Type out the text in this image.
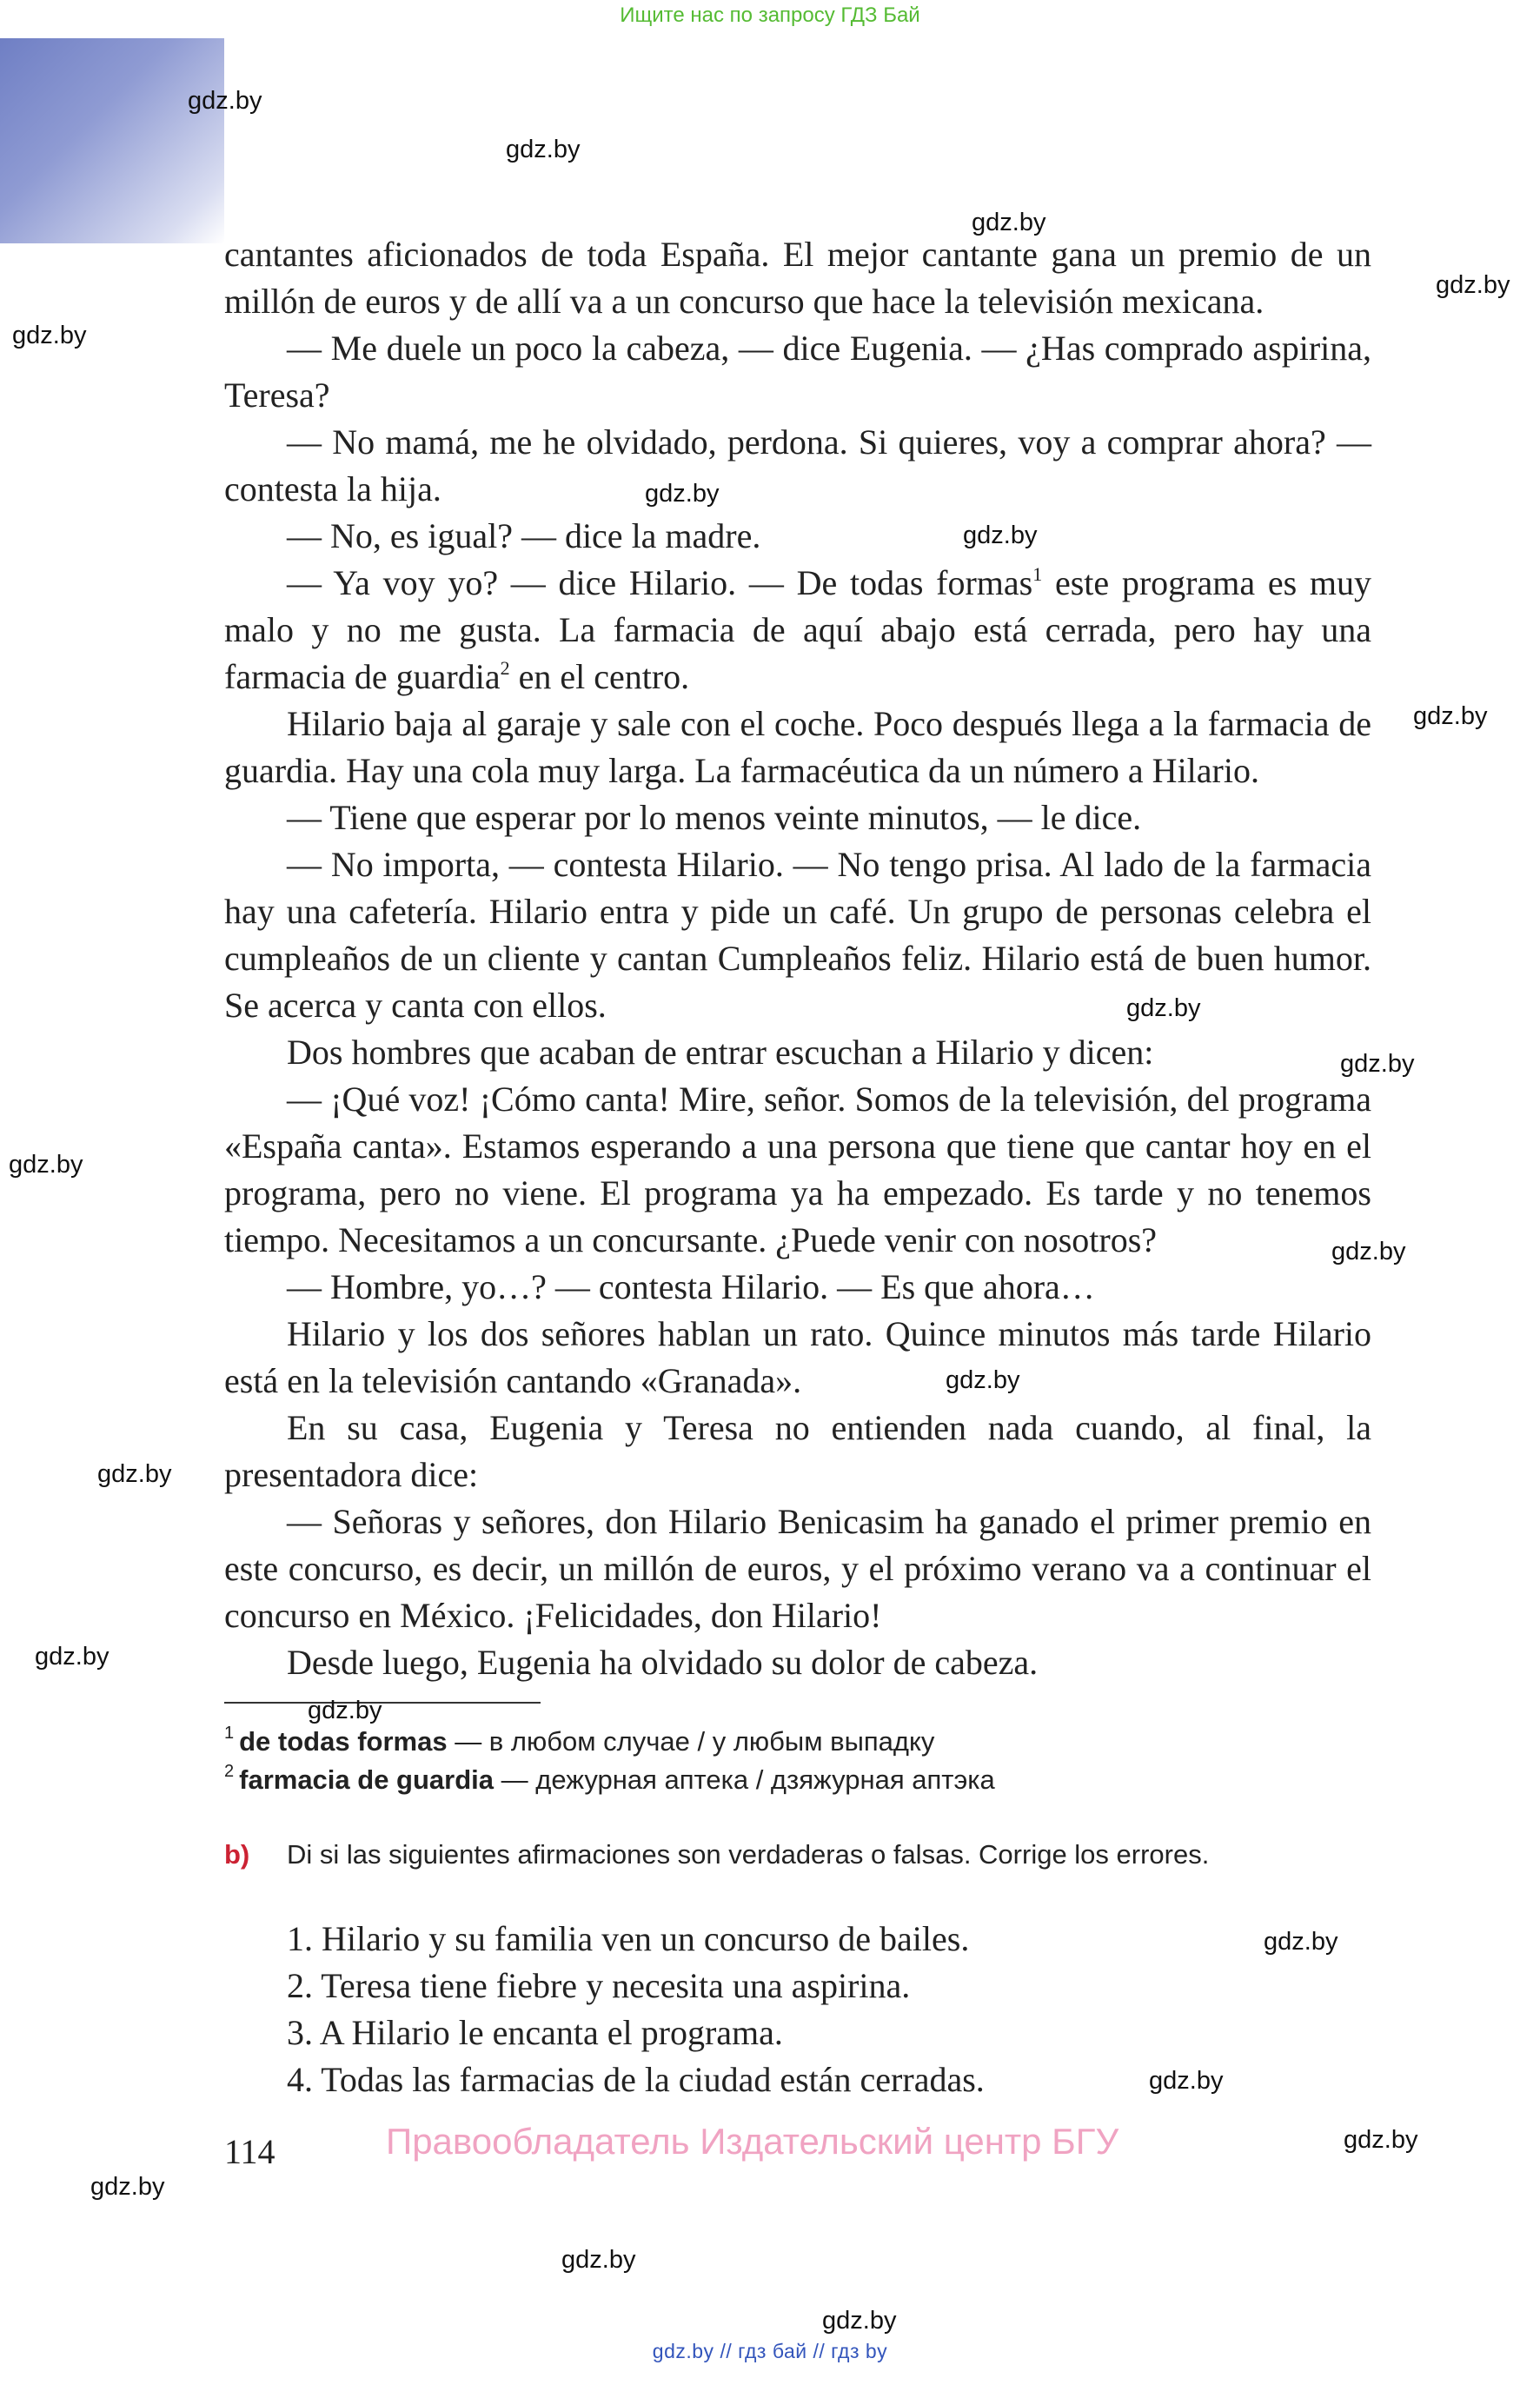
Ищите нас по запросу ГДЗ Бай

cantantes aficionados de toda España. El mejor cantante gana un premio de un millón de euros y de allí va a un concurso que hace la televisión mexicana.

— Me duele un poco la cabeza, — dice Eugenia. — ¿Has comprado aspirina, Teresa?

— No mamá, me he olvidado, perdona. Si quieres, voy a comprar ahora? — contesta la hija.

— No, es igual? — dice la madre.

— Ya voy yo? — dice Hilario. — De todas formas$^1$ este programa es muy malo y no me gusta. La farmacia de aquí abajo está cerrada, pero hay una farmacia de guardia$^2$ en el centro.

Hilario baja al garaje y sale con el coche. Poco después llega a la farmacia de guardia. Hay una cola muy larga. La farmacéutica da un número a Hilario.

— Tiene que esperar por lo menos veinte minutos, — le dice.

— No importa, — contesta Hilario. — No tengo prisa. Al lado de la farmacia hay una cafetería. Hilario entra y pide un café. Un grupo de personas celebra el cumpleaños de un cliente y cantan Cumpleaños feliz. Hilario está de buen humor. Se acerca y canta con ellos.

Dos hombres que acaban de entrar escuchan a Hilario y dicen:

— ¡Qué voz! ¡Cómo canta! Mire, señor. Somos de la televisión, del programa «España canta». Estamos esperando a una persona que tiene que cantar hoy en el programa, pero no viene. El programa ya ha empezado. Es tarde y no tenemos tiempo. Necesitamos a un concursante. ¿Puede venir con nosotros?

— Hombre, yo…? — contesta Hilario. — Es que ahora…

Hilario y los dos señores hablan un rato. Quince minutos más tarde Hilario está en la televisión cantando «Granada».

En su casa, Eugenia y Teresa no entienden nada cuando, al final, la presentadora dice:

— Señoras y señores, don Hilario Benicasim ha ganado el primer premio en este concurso, es decir, un millón de euros, y el próximo verano va a continuar el concurso en México. ¡Felicidades, don Hilario!

Desde luego, Eugenia ha olvidado su dolor de cabeza.

$^1$ de todas formas — в любом случае / у любым выпадку
$^2$ farmacia de guardia — дежурная аптека / дзяжурная аптэка
b) Di si las siguientes afirmaciones son verdaderas o falsas. Corrige los errores.
1. Hilario y su familia ven un concurso de bailes.
2. Teresa tiene fiebre y necesita una aspirina.
3. A Hilario le encanta el programa.
4. Todas las farmacias de la ciudad están cerradas.
114	Правообладатель Издательский центр БГУ
gdz.by
gdz.by
gdz.by
gdz.by
gdz.by
gdz.by
gdz.by
gdz.by
gdz.by
gdz.by
gdz.by
gdz.by
gdz.by
gdz.by
gdz.by
gdz.by
gdz.by
gdz.by
gdz.by
gdz.by
gdz.by
gdz.by
gdz.by // гдз бай // гдз by
